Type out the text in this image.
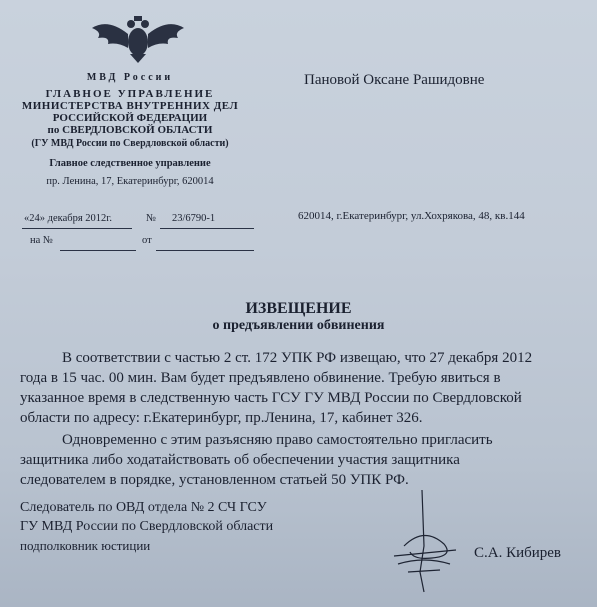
МВД России
ГЛАВНОЕ УПРАВЛЕНИЕ
МИНИСТЕРСТВА ВНУТРЕННИХ ДЕЛ
РОССИЙСКОЙ ФЕДЕРАЦИИ
по СВЕРДЛОВСКОЙ ОБЛАСТИ
(ГУ МВД России по Свердловской области)
Главное следственное управление
пр. Ленина, 17, Екатеринбург, 620014
Пановой Оксане Рашидовне
620014, г.Екатеринбург, ул.Хохрякова, 48, кв.144
«24» декабря 2012г.	№ 23/6790-1
на №	от
ИЗВЕЩЕНИЕ
о предъявлении обвинения
В соответствии с частью 2 ст. 172 УПК РФ извещаю, что 27 декабря 2012
года в 15 час. 00 мин. Вам будет предъявлено обвинение. Требую явиться в
указанное время в следственную часть ГСУ ГУ МВД России по Свердловской
области по адресу: г.Екатеринбург, пр.Ленина, 17, кабинет 326.
Одновременно с этим разъясняю право самостоятельно пригласить
защитника либо ходатайствовать об обеспечении участия защитника
следователем в порядке, установленном статьей 50 УПК РФ.
Следователь по ОВД отдела № 2 СЧ ГСУ
ГУ МВД России по Свердловской области
подполковник юстиции	С.А. Кибирев
